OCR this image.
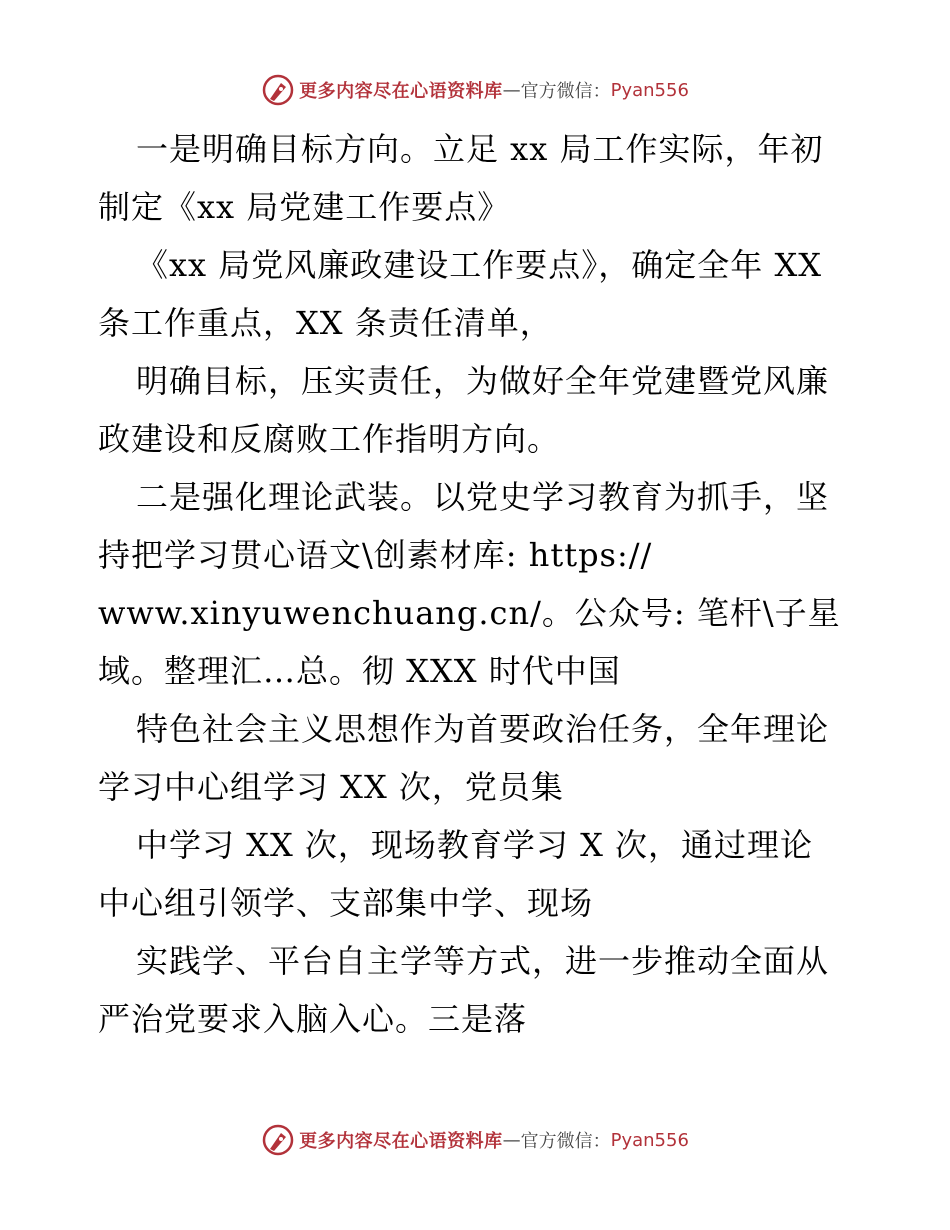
更多内容尽在心语资料库 — 官方微信： Pyan556
一是明确目标方向。立足 xx 局工作实际，年初
制定《xx 局党建工作要点》
《xx 局党风廉政建设工作要点》，确定全年 XX
条工作重点，XX 条责任清单，
明确目标，压实责任，为做好全年党建暨党风廉
政建设和反腐败工作指明方向。
二是强化理论武装。以党史学习教育为抓手，坚
持把学习贯心语文\创素材库: https://
www.xinyuwenchuang.cn/。公众号: 笔杆\子星
域。整理汇…总。彻 XXX 时代中国
特色社会主义思想作为首要政治任务，全年理论
学习中心组学习 XX 次，党员集
中学习 XX 次，现场教育学习 X 次，通过理论
中心组引领学、支部集中学、现场
实践学、平台自主学等方式，进一步推动全面从
严治党要求入脑入心。三是落
更多内容尽在心语资料库 — 官方微信： Pyan556
